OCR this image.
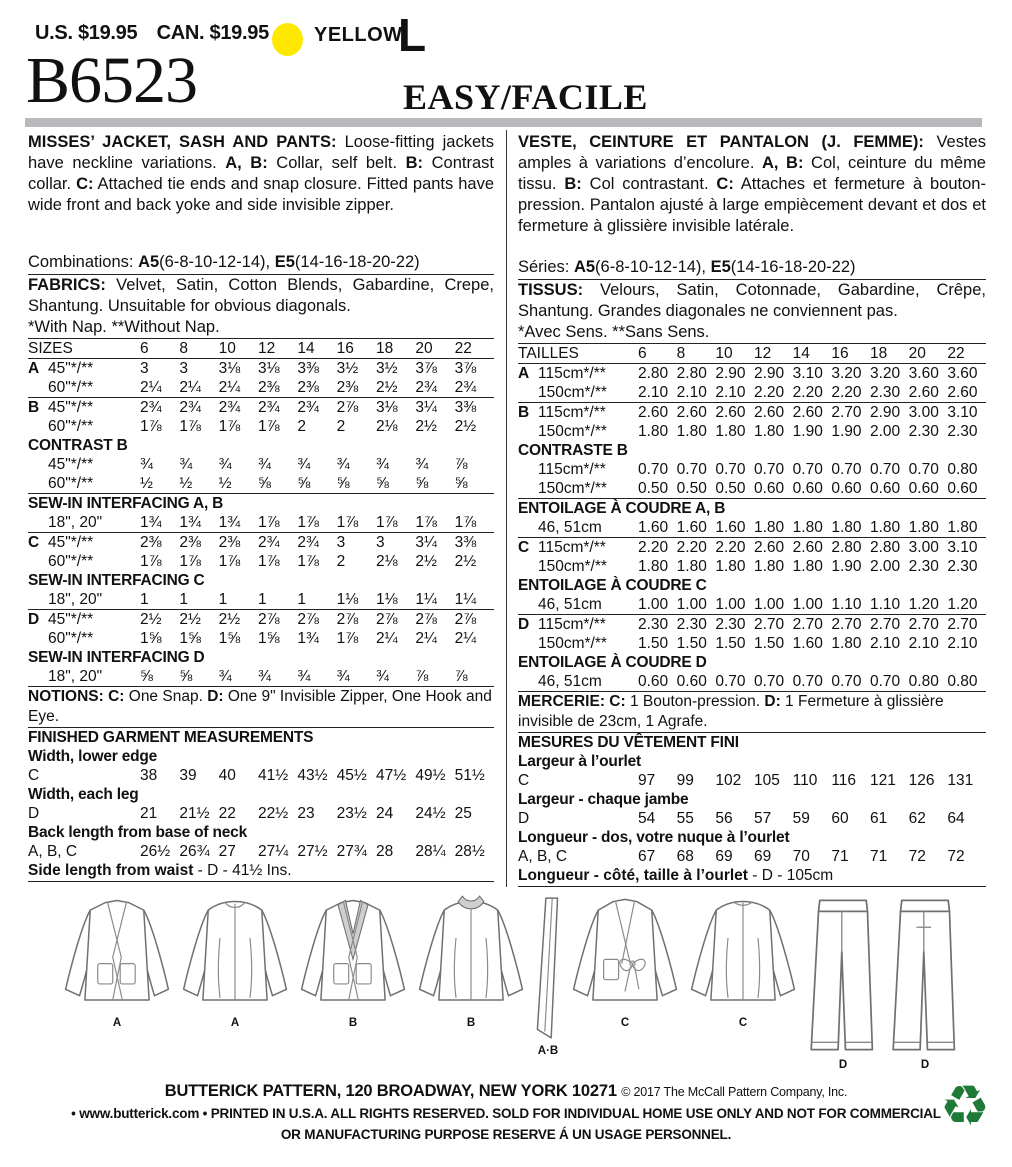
U.S. $19.95 CAN. $19.95	YELLOW
L
B6523	EASY/FACILE
MISSES’ JACKET, SASH AND PANTS: Loose-fitting jackets have neckline variations. A, B: Collar, self belt. B: Contrast collar. C: Attached tie ends and snap closure. Fitted pants have wide front and back yoke and side invisible zipper.
Combinations: A5(6-8-10-12-14), E5(14-16-18-20-22)
FABRICS: Velvet, Satin, Cotton Blends, Gabardine, Crepe, Shantung. Unsuitable for obvious diagonals.
*With Nap. **Without Nap.
SIZES	6	8	10	12	14	16	18	20	22
A 45"*/**	3	3	3⅛	3⅛	3⅜	3½	3½	3⅞	3⅞
60"*/**	2¼	2¼	2¼	2⅜	2⅜	2⅜	2½	2¾	2¾
B 45"*/**	2¾	2¾	2¾	2¾	2¾	2⅞	3⅛	3¼	3⅜
60"*/**	1⅞	1⅞	1⅞	1⅞	2	2	2⅛	2½	2½
CONTRAST B
45"*/**	¾	¾	¾	¾	¾	¾	¾	¾	⅞
60"*/**	½	½	½	⅝	⅝	⅝	⅝	⅝	⅝
SEW-IN INTERFACING A, B
18", 20"	1¾	1¾	1¾	1⅞	1⅞	1⅞	1⅞	1⅞	1⅞
C 45"*/**	2⅜	2⅜	2⅜	2¾	2¾	3	3	3¼	3⅜
60"*/**	1⅞	1⅞	1⅞	1⅞	1⅞	2	2⅛	2½	2½
SEW-IN INTERFACING C
18", 20"	1	1	1	1	1	1⅛	1⅛	1¼	1¼
D 45"*/**	2½	2½	2½	2⅞	2⅞	2⅞	2⅞	2⅞	2⅞
60"*/**	1⅝	1⅝	1⅝	1⅝	1¾	1⅞	2¼	2¼	2¼
SEW-IN INTERFACING D
18", 20"	⅝	⅝	¾	¾	¾	¾	¾	⅞	⅞
NOTIONS: C: One Snap. D: One 9" Invisible Zipper, One Hook and Eye.
FINISHED GARMENT MEASUREMENTS
Width, lower edge
C	38	39	40	41½ 43½ 45½ 47½ 49½ 51½
Width, each leg
D	21	21½ 22	22½ 23	23½ 24	24½ 25
Back length from base of neck
A, B, C	26½ 26¾ 27	27¼ 27½ 27¾ 28	28¼ 28½
Side length from waist - D - 41½ Ins.
VESTE, CEINTURE ET PANTALON (J. FEMME): Vestes amples à variations d’encolure. A, B: Col, ceinture du même tissu. B: Col contrastant. C: Attaches et fermeture à bouton-pression. Pantalon ajusté à large empiècement devant et dos et fermeture à glissière invisible latérale.
Séries: A5(6-8-10-12-14), E5(14-16-18-20-22)
TISSUS: Velours, Satin, Cotonnade, Gabardine, Crêpe, Shantung. Grandes diagonales ne conviennent pas.
*Avec Sens. **Sans Sens.
TAILLES	6	8	10	12	14	16	18	20	22
A 115cm*/**	2.80 2.80 2.90 2.90 3.10 3.20 3.20 3.60 3.60
150cm*/**	2.10 2.10 2.10 2.20 2.20 2.20 2.30 2.60 2.60
B 115cm*/**	2.60 2.60 2.60 2.60 2.60 2.70 2.90 3.00 3.10
150cm*/**	1.80 1.80 1.80 1.80 1.90 1.90 2.00 2.30 2.30
CONTRASTE B
115cm*/**	0.70 0.70 0.70 0.70 0.70 0.70 0.70 0.70 0.80
150cm*/**	0.50 0.50 0.50 0.60 0.60 0.60 0.60 0.60 0.60
ENTOILAGE À COUDRE A, B
46, 51cm	1.60 1.60 1.60 1.80 1.80 1.80 1.80 1.80 1.80
C 115cm*/**	2.20 2.20 2.20 2.60 2.60 2.80 2.80 3.00 3.10
150cm*/**	1.80 1.80 1.80 1.80 1.80 1.90 2.00 2.30 2.30
ENTOILAGE À COUDRE C
46, 51cm	1.00 1.00 1.00 1.00 1.00 1.10 1.10 1.20 1.20
D 115cm*/**	2.30 2.30 2.30 2.70 2.70 2.70 2.70 2.70 2.70
150cm*/**	1.50 1.50 1.50 1.50 1.60 1.80 2.10 2.10 2.10
ENTOILAGE À COUDRE D
46, 51cm	0.60 0.60 0.70 0.70 0.70 0.70 0.70 0.80 0.80
MERCERIE: C: 1 Bouton-pression. D: 1 Fermeture à glissière invisible de 23cm, 1 Agrafe.
MESURES DU VÊTEMENT FINI
Largeur à l’ourlet
C	97	99	102 105 110 116 121 126 131
Largeur - chaque jambe
D	54	55	56	57	59	60	61	62	64
Longueur - dos, votre nuque à l’ourlet
A, B, C	67	68	69	69	70	71	71	72	72
Longueur - côté, taille à l’ourlet - D - 105cm
A	A	B	B
A·B
C	C
D	D
BUTTERICK PATTERN, 120 BROADWAY, NEW YORK 10271 © 2017 The McCall Pattern Company, Inc.
• www.butterick.com • PRINTED IN U.S.A. ALL RIGHTS RESERVED. SOLD FOR INDIVIDUAL HOME USE ONLY AND NOT FOR COMMERCIAL
OR MANUFACTURING PURPOSE RESERVE Á UN USAGE PERSONNEL.	♻
